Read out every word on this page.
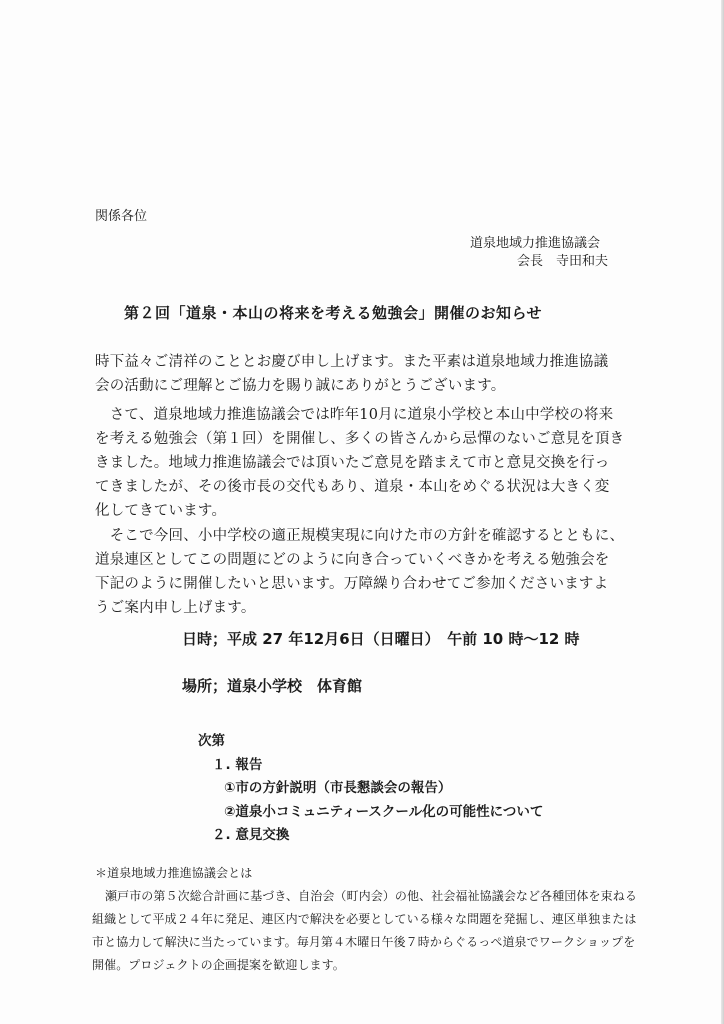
関係各位
道泉地域力推進協議会
会長　寺田和夫
第２回「道泉・本山の将来を考える勉強会」開催のお知らせ
時下益々ご清祥のこととお慶び申し上げます。また平素は道泉地域力推進協議
会の活動にご理解とご協力を賜り誠にありがとうございます。
　さて、道泉地域力推進協議会では昨年10月に道泉小学校と本山中学校の将来
を考える勉強会（第１回）を開催し、多くの皆さんから忌憚のないご意見を頂き
きました。地域力推進協議会では頂いたご意見を踏まえて市と意見交換を行っ
てきましたが、その後市長の交代もあり、道泉・本山をめぐる状況は大きく変
化してきています。
　そこで今回、小中学校の適正規模実現に向けた市の方針を確認するとともに、
道泉連区としてこの問題にどのように向き合っていくべきかを考える勉強会を
下記のように開催したいと思います。万障繰り合わせてご参加くださいますよ
うご案内申し上げます。
日時；平成 27 年12月6日（日曜日）　午前 10 時～12 時
場所；道泉小学校　体育館
次第
１. 報告
①市の方針説明（市長懇談会の報告）
②道泉小コミュニティースクール化の可能性について
２. 意見交換
＊道泉地域力推進協議会とは
瀬戸市の第５次総合計画に基づき、自治会（町内会）の他、社会福祉協議会など各種団体を束ねる
組織として平成２４年に発足、連区内で解決を必要としている様々な問題を発掘し、連区単独または
市と協力して解決に当たっています。毎月第４木曜日午後７時からぐるっぺ道泉でワークショップを
開催。プロジェクトの企画提案を歓迎します。
